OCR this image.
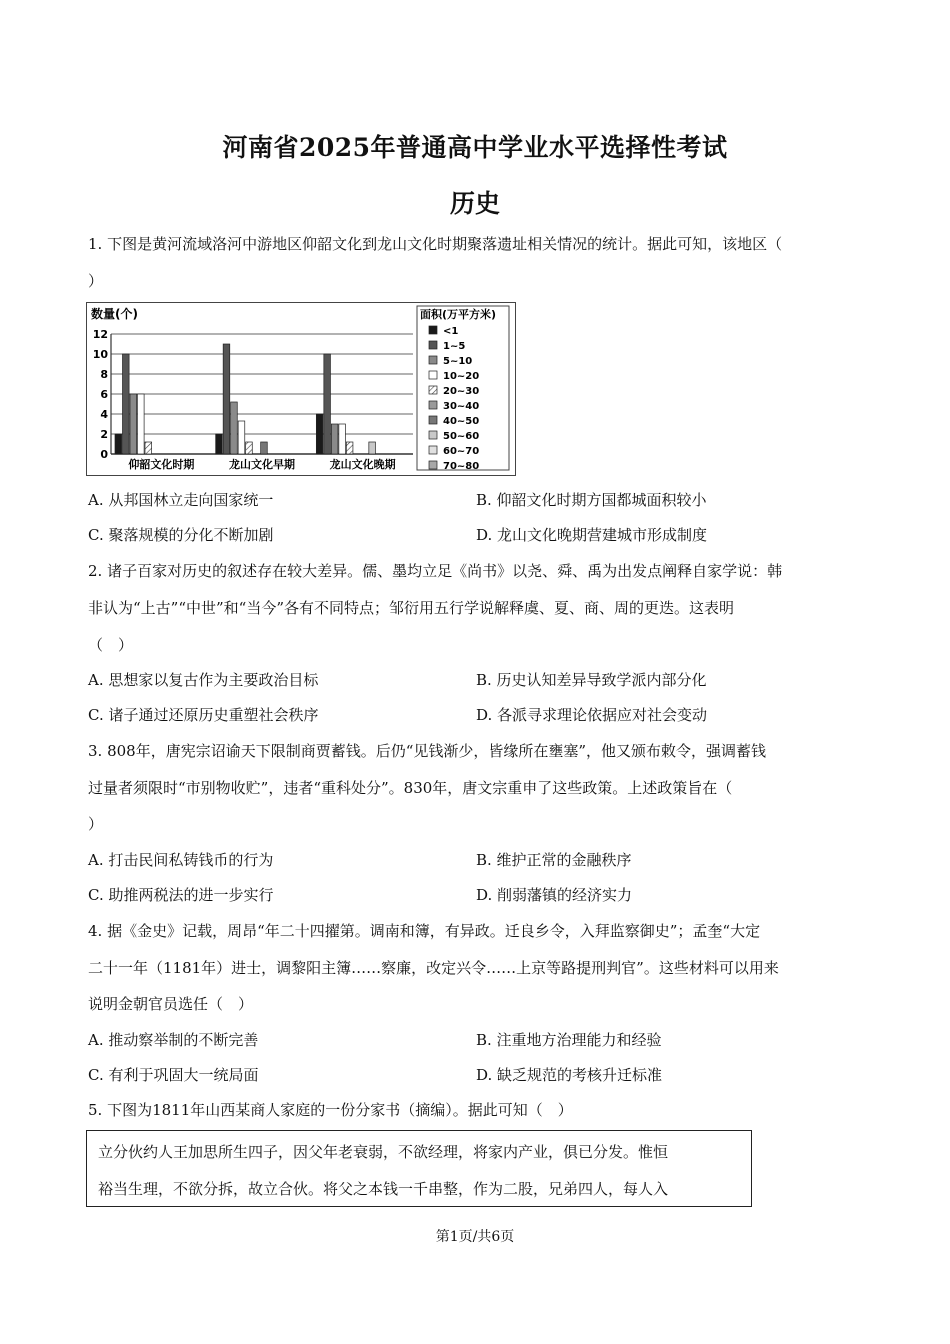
河南省2025年普通高中学业水平选择性考试
历史
1. 下图是黄河流域洛河中游地区仰韶文化到龙山文化时期聚落遗址相关情况的统计。据此可知，该地区（
）
数量(个)
0
2
4
6
8
10
12
仰韶文化时期	龙山文化早期	龙山文化晚期
面积(万平方米)
<1
1~5
5~10
10~20
20~30
30~40
40~50
50~60
60~70
70~80
A. 从邦国林立走向国家统一	B. 仰韶文化时期方国都城面积较小
C. 聚落规模的分化不断加剧	D. 龙山文化晚期营建城市形成制度
2. 诸子百家对历史的叙述存在较大差异。儒、墨均立足《尚书》以尧、舜、禹为出发点阐释自家学说：韩
非认为“上古”“中世”和“当今”各有不同特点；邹衍用五行学说解释虞、夏、商、周的更迭。这表明
（　）
A. 思想家以复古作为主要政治目标	B. 历史认知差异导致学派内部分化
C. 诸子通过还原历史重塑社会秩序	D. 各派寻求理论依据应对社会变动
3. 808年，唐宪宗诏谕天下限制商贾蓄钱。后仍“见钱渐少，皆缘所在壅塞”，他又颁布敕令，强调蓄钱
过量者须限时“市别物收贮”，违者“重科处分”。830年，唐文宗重申了这些政策。上述政策旨在（
）
A. 打击民间私铸钱币的行为	B. 维护正常的金融秩序
C. 助推两税法的进一步实行	D. 削弱藩镇的经济实力
4. 据《金史》记载，周昂“年二十四擢第。调南和簿，有异政。迁良乡令，入拜监察御史”；孟奎“大定
二十一年（1181年）进士，调黎阳主簿……察廉，改定兴令……上京等路提刑判官”。这些材料可以用来
说明金朝官员选任（　）
A. 推动察举制的不断完善	B. 注重地方治理能力和经验
C. 有利于巩固大一统局面	D. 缺乏规范的考核升迁标准
5. 下图为1811年山西某商人家庭的一份分家书（摘编）。据此可知（　）
立分伙约人王加思所生四子，因父年老衰弱，不欲经理，将家内产业，俱已分发。惟恒
裕当生理，不欲分拆，故立合伙。将父之本钱一千串整，作为二股，兄弟四人，每人入
第1页/共6页
